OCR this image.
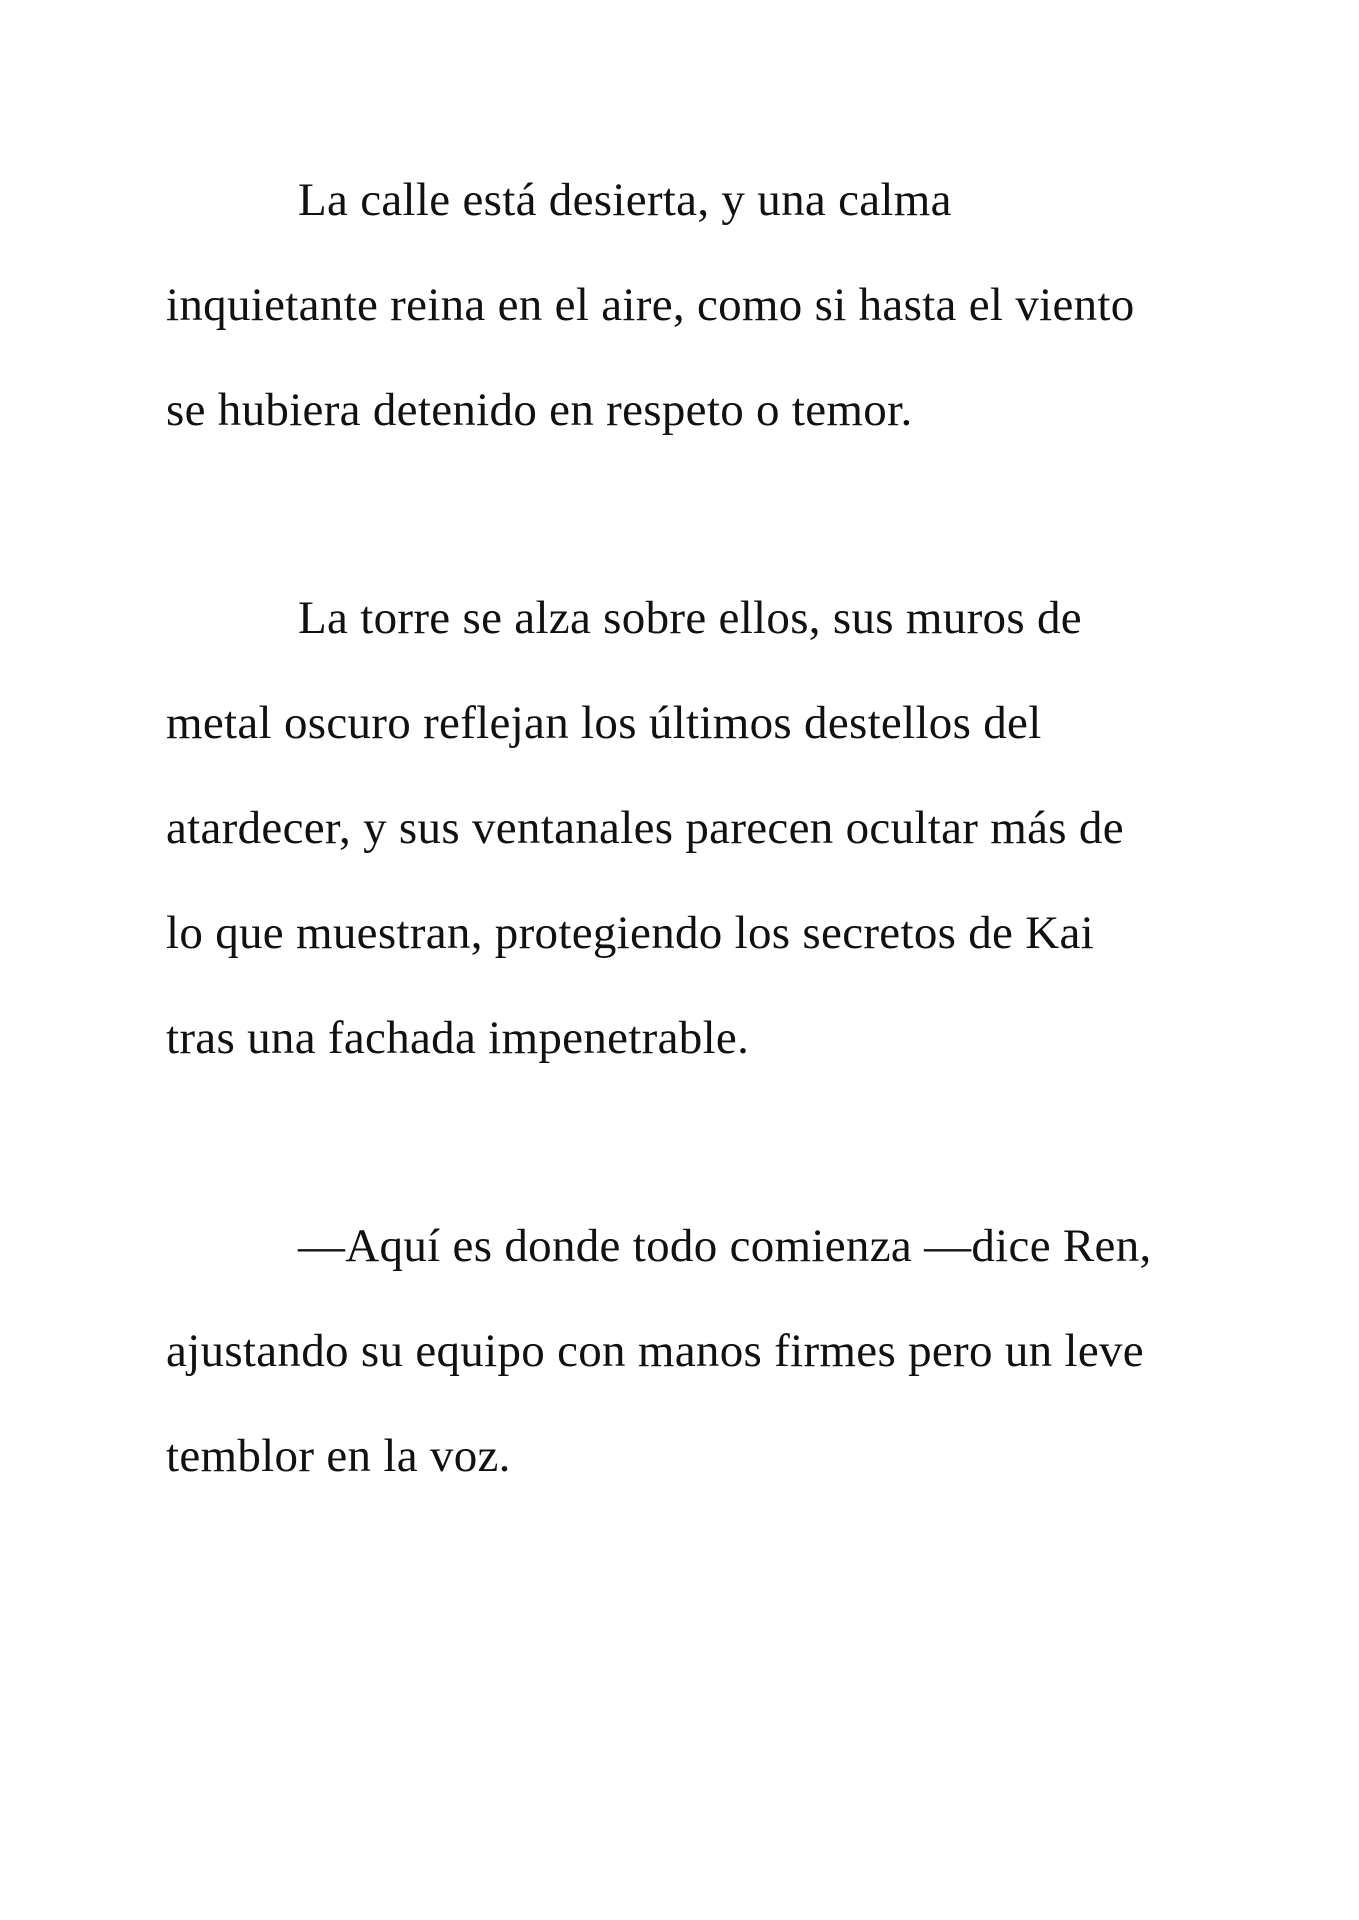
La calle está desierta, y una calma

inquietante reina en el aire, como si hasta el viento

se hubiera detenido en respeto o temor.

La torre se alza sobre ellos, sus muros de

metal oscuro reflejan los últimos destellos del

atardecer, y sus ventanales parecen ocultar más de

lo que muestran, protegiendo los secretos de Kai

tras una fachada impenetrable.

—Aquí es donde todo comienza —dice Ren,

ajustando su equipo con manos firmes pero un leve

temblor en la voz.
